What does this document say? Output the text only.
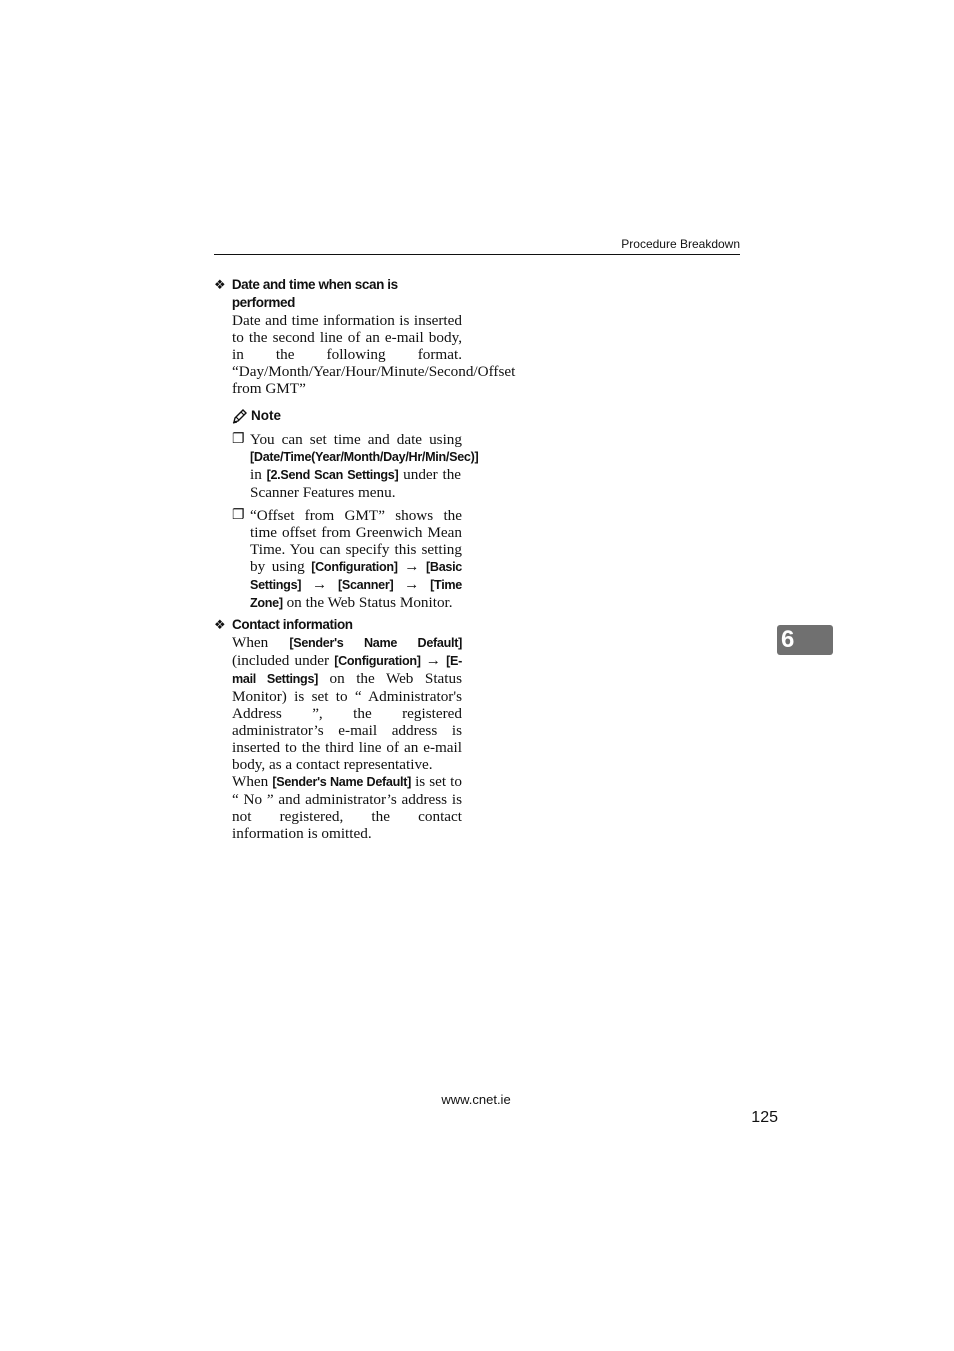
Procedure Breakdown
❖ Date and time when scan is performed
Date and time information is inserted to the second line of an e-mail body, in the following format. “Day/Month/Year/Hour/Minute/Second/Offset from GMT”
Note
❐ You can set time and date using [Date/Time(Year/Month/Day/Hr/Min/Sec)] in [2.Send Scan Settings] under the Scanner Features menu.
❐ “Offset from GMT” shows the time offset from Greenwich Mean Time. You can specify this setting by using [Configuration] → [Basic Settings] → [Scanner] → [Time Zone] on the Web Status Monitor.
❖ Contact information
When [Sender's Name Default] (included under [Configuration] → [E-mail Settings] on the Web Status Monitor) is set to “ Administrator's Address ”, the registered administrator’s e-mail address is inserted to the third line of an e-mail body, as a contact representative.
When [Sender's Name Default] is set to “ No ” and administrator’s address is not registered, the contact information is omitted.
6
www.cnet.ie
125
